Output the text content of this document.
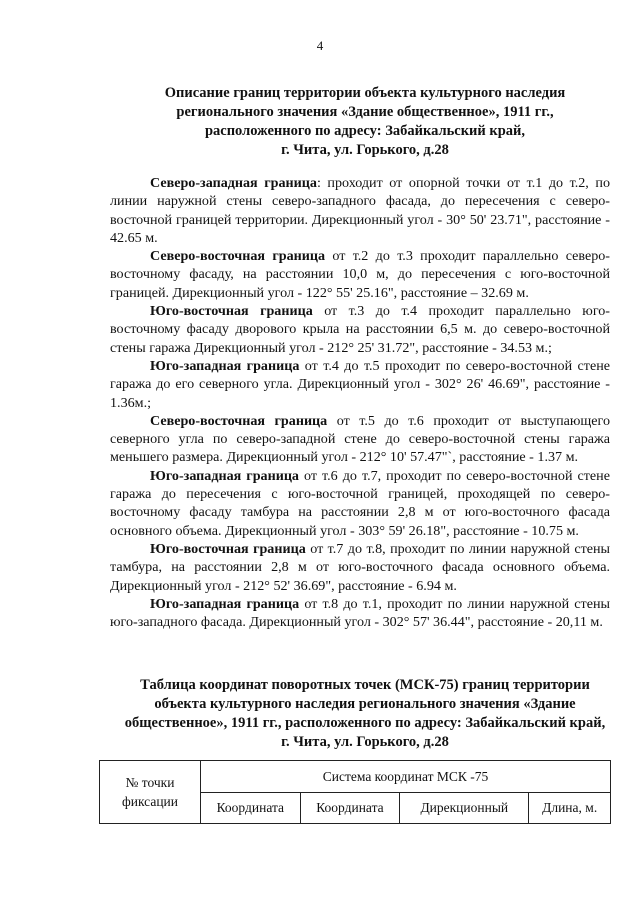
4
Описание границ территории объекта культурного наследия
регионального значения «Здание общественное», 1911 гг.,
расположенного по адресу: Забайкальский край,
г. Чита, ул. Горького, д.28

Северо-западная граница: проходит от опорной точки от т.1 до т.2, по линии наружной стены северо-западного фасада, до пересечения с северо-восточной границей территории. Дирекционный угол - 30° 50' 23.71", расстояние - 42.65 м.

Северо-восточная граница от т.2 до т.3 проходит параллельно северо-восточному фасаду, на расстоянии 10,0 м, до пересечения с юго-восточной границей. Дирекционный угол - 122° 55' 25.16", расстояние – 32.69 м.

Юго-восточная граница от т.3 до т.4 проходит параллельно юго-восточному фасаду дворового крыла на расстоянии 6,5 м. до северо-восточной стены гаража Дирекционный угол - 212° 25' 31.72", расстояние - 34.53 м.;

Юго-западная граница от т.4 до т.5 проходит по северо-восточной стене гаража до его северного угла. Дирекционный угол - 302° 26' 46.69", расстояние - 1.36м.;

Северо-восточная граница от т.5 до т.6 проходит от выступающего северного угла по северо-западной стене до северо-восточной стены гаража меньшего размера. Дирекционный угол - 212° 10' 57.47"`, расстояние - 1.37 м.

Юго-западная граница от т.6 до т.7, проходит по северо-восточной стене гаража до пересечения с юго-восточной границей, проходящей по северо-восточному фасаду тамбура на расстоянии 2,8 м от юго-восточного фасада основного объема. Дирекционный угол - 303° 59' 26.18", расстояние - 10.75 м.

Юго-восточная граница от т.7 до т.8, проходит по линии наружной стены тамбура, на расстоянии 2,8 м от юго-восточного фасада основного объема. Дирекционный угол - 212° 52' 36.69", расстояние - 6.94 м.

Юго-западная граница от т.8 до т.1, проходит по линии наружной стены юго-западного фасада. Дирекционный угол - 302° 57' 36.44", расстояние - 20,11 м.

Таблица координат поворотных точек (МСК-75) границ территории
объекта культурного наследия регионального значения «Здание
общественное», 1911 гг., расположенного по адресу: Забайкальский край,
г. Чита, ул. Горького, д.28
№ точки
фиксации	Система координат МСК -75			
	Координата	Координата	Дирекционный	Длина, м.
